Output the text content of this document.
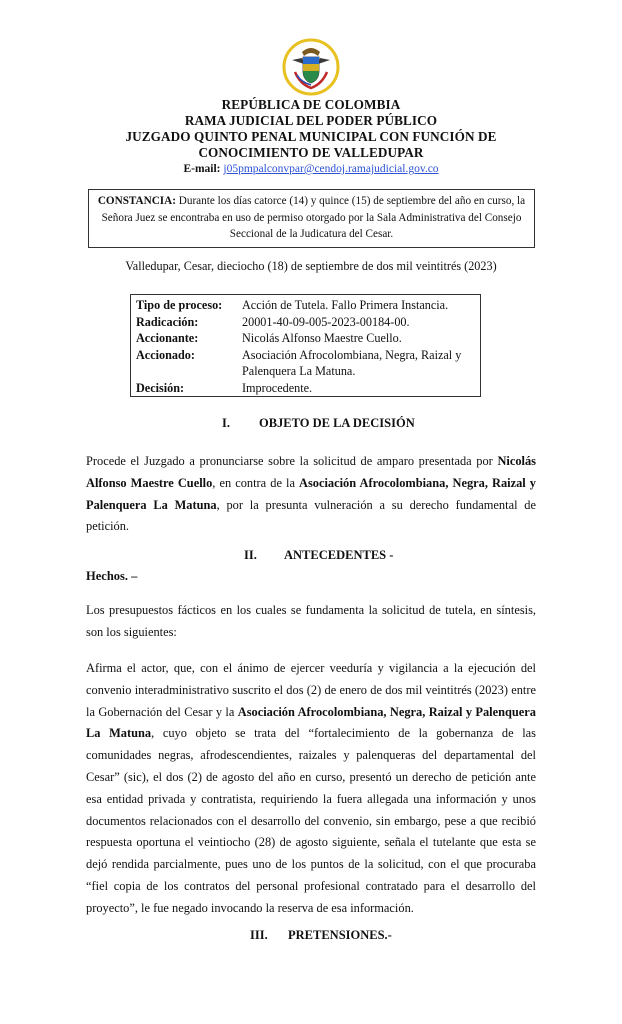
REPÚBLICA DE COLOMBIA
RAMA JUDICIAL DEL PODER PÚBLICO
JUZGADO QUINTO PENAL MUNICIPAL CON FUNCIÓN DE
CONOCIMIENTO DE VALLEDUPAR
E-mail: j05pmpalconvpar@cendoj.ramajudicial.gov.co
CONSTANCIA: Durante los días catorce (14) y quince (15) de septiembre del año en curso, la Señora Juez se encontraba en uso de permiso otorgado por la Sala Administrativa del Consejo Seccional de la Judicatura del Cesar.
Valledupar, Cesar, dieciocho (18) de septiembre de dos mil veintitrés (2023)
Tipo de proceso:	Acción de Tutela. Fallo Primera Instancia.
Radicación:	20001-40-09-005-2023-00184-00.
Accionante:	Nicolás Alfonso Maestre Cuello.
Accionado:	Asociación Afrocolombiana, Negra, Raizal y Palenquera La Matuna.
Decisión:	Improcedente.
I. OBJETO DE LA DECISIÓN

Procede el Juzgado a pronunciarse sobre la solicitud de amparo presentada por Nicolás Alfonso Maestre Cuello, en contra de la Asociación Afrocolombiana, Negra, Raizal y Palenquera La Matuna, por la presunta vulneración a su derecho fundamental de petición.

II. ANTECEDENTES -
Hechos. –

Los presupuestos fácticos en los cuales se fundamenta la solicitud de tutela, en síntesis, son los siguientes:

Afirma el actor, que, con el ánimo de ejercer veeduría y vigilancia a la ejecución del convenio interadministrativo suscrito el dos (2) de enero de dos mil veintitrés (2023) entre la Gobernación del Cesar y la Asociación Afrocolombiana, Negra, Raizal y Palenquera La Matuna, cuyo objeto se trata del “fortalecimiento de la gobernanza de las comunidades negras, afrodescendientes, raizales y palenqueras del departamental del Cesar” (sic), el dos (2) de agosto del año en curso, presentó un derecho de petición ante esa entidad privada y contratista, requiriendo la fuera allegada una información y unos documentos relacionados con el desarrollo del convenio, sin embargo, pese a que recibió respuesta oportuna el veintiocho (28) de agosto siguiente, señala el tutelante que esta se dejó rendida parcialmente, pues uno de los puntos de la solicitud, con el que procuraba “fiel copia de los contratos del personal profesional contratado para el desarrollo del proyecto”, le fue negado invocando la reserva de esa información.

III. PRETENSIONES.-
